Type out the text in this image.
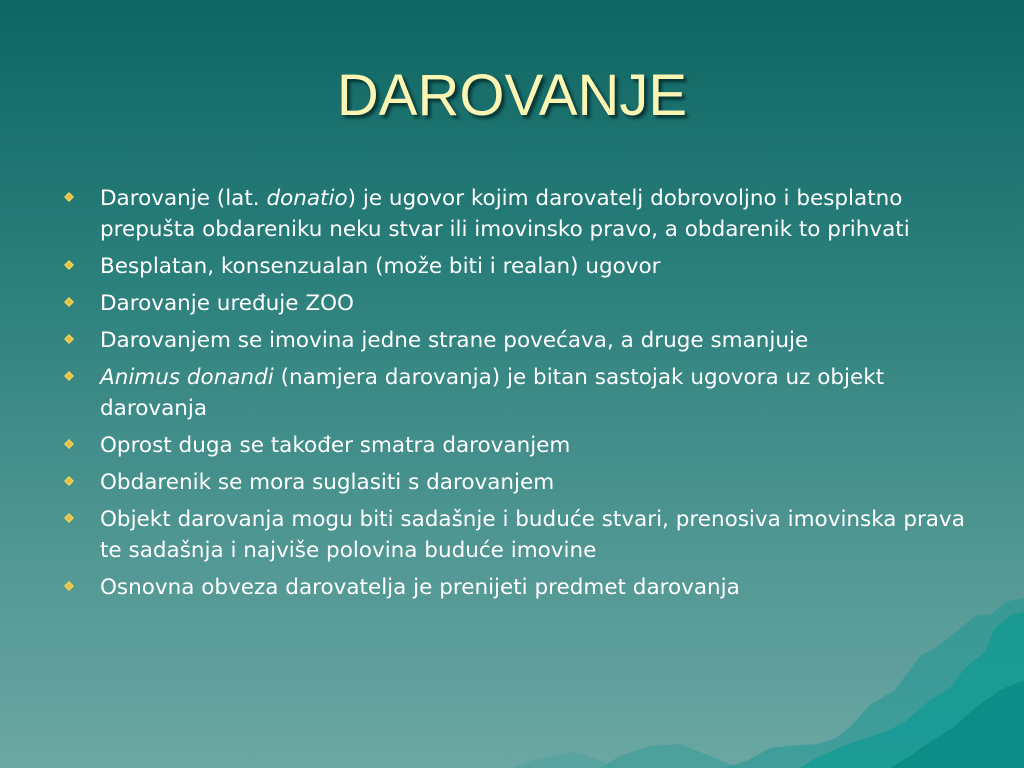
DAROVANJE
Darovanje (lat. donatio) je ugovor kojim darovatelj dobrovoljno i besplatno prepušta obdareniku neku stvar ili imovinsko pravo, a obdarenik to prihvati
Besplatan, konsenzualan (može biti i realan) ugovor
Darovanje uređuje ZOO
Darovanjem se imovina jedne strane povećava, a druge smanjuje
Animus donandi (namjera darovanja) je bitan sastojak ugovora uz objekt darovanja
Oprost duga se također smatra darovanjem
Obdarenik se mora suglasiti s darovanjem
Objekt darovanja mogu biti sadašnje i buduće stvari, prenosiva imovinska prava te sadašnja i najviše polovina buduće imovine
Osnovna obveza darovatelja je prenijeti predmet darovanja
